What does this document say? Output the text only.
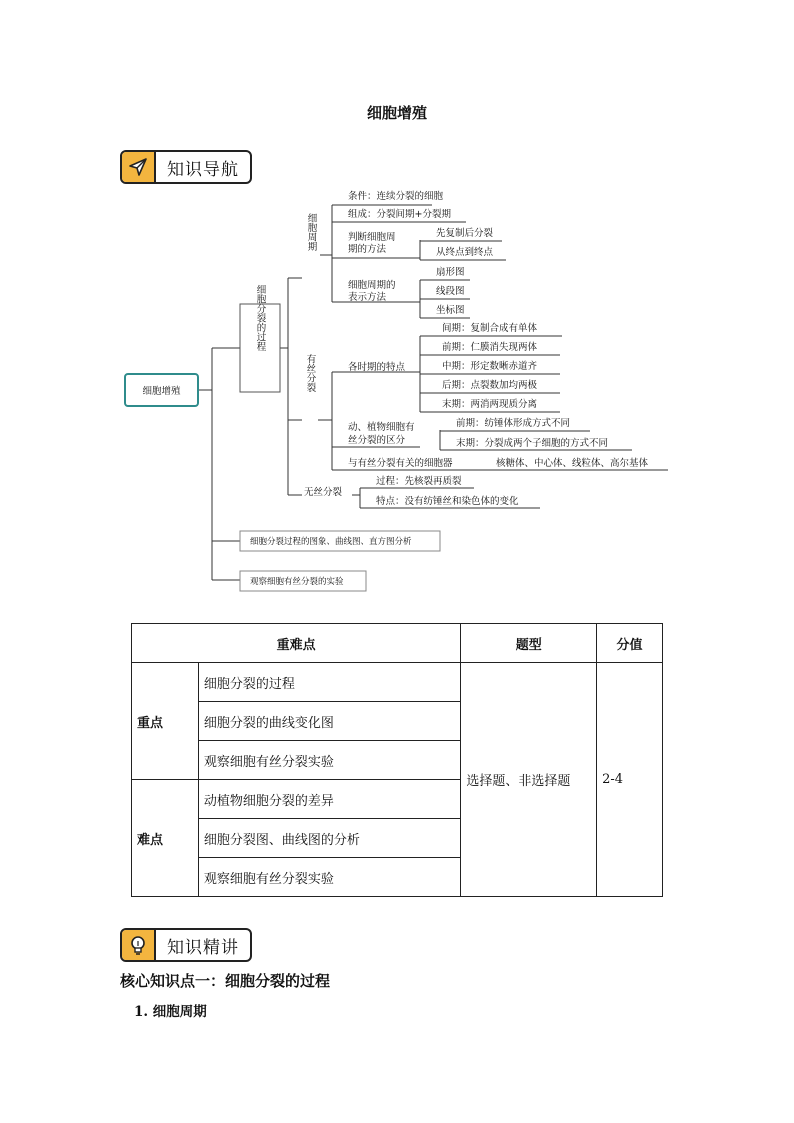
细胞增殖
知识导航
细胞增殖
细胞分裂的过程
细胞周期
有丝分裂
无丝分裂
条件：连续分裂的细胞
组成：分裂间期+分裂期
判断细胞周
期的方法
先复制后分裂
从终点到终点
细胞周期的
表示方法
扇形图
线段图
坐标图
各时期的特点
间期：复制合成有单体
前期：仁膜消失现两体
中期：形定数晰赤道齐
后期：点裂数加均两极
末期：两消两现质分离
动、植物细胞有
丝分裂的区分
前期：纺锤体形成方式不同
末期：分裂成两个子细胞的方式不同
与有丝分裂有关的细胞器	核糖体、中心体、线粒体、高尔基体
过程：先核裂再质裂
特点：没有纺锤丝和染色体的变化
细胞分裂过程的图象、曲线图、直方图分析
观察细胞有丝分裂的实验
重难点		题型	分值
重点	细胞分裂的过程	选择题、非选择题	2-4
	细胞分裂的曲线变化图		
	观察细胞有丝分裂实验		
难点	动植物细胞分裂的差异		
	细胞分裂图、曲线图的分析		
	观察细胞有丝分裂实验		
知识精讲
核心知识点一：细胞分裂的过程
1. 细胞周期
